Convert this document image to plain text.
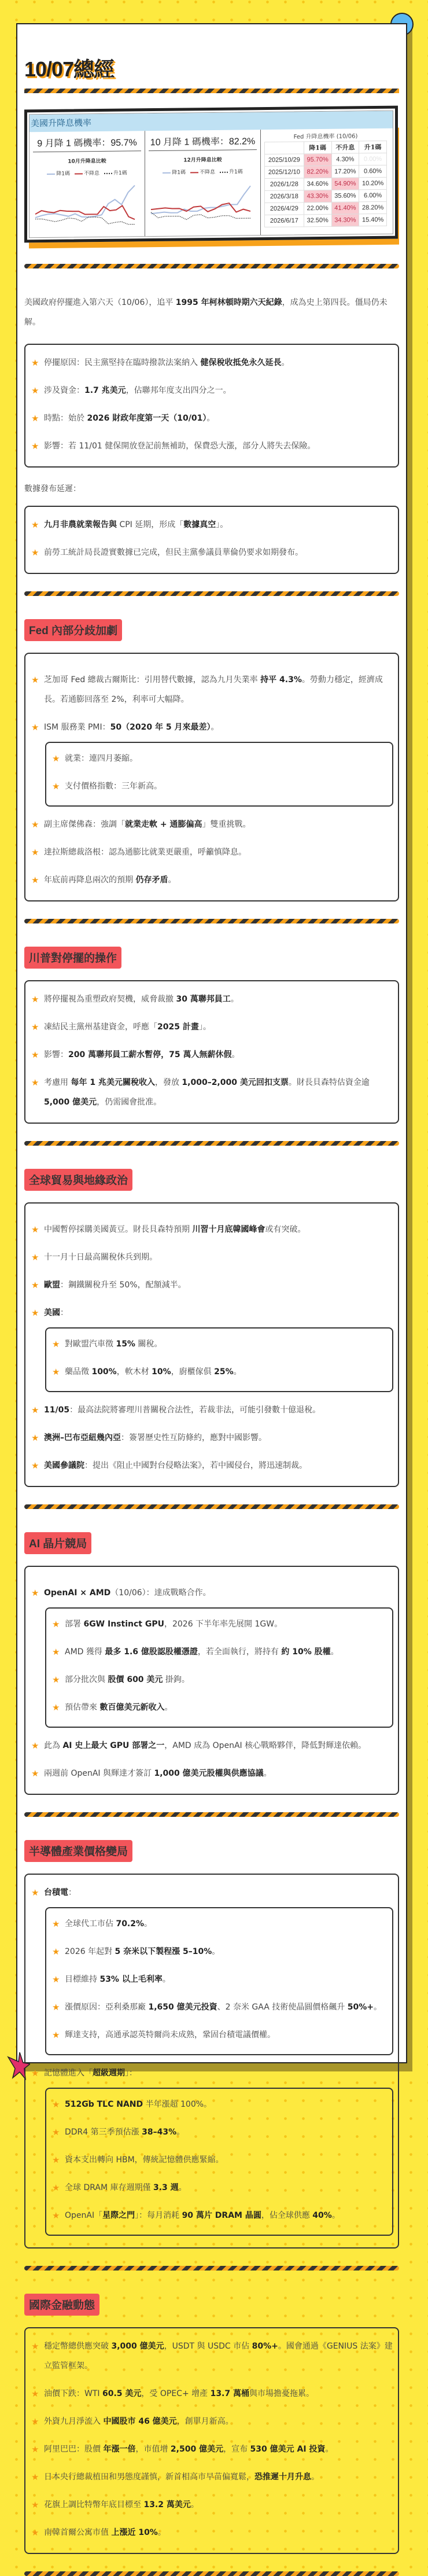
10/07總經
美國升降息機率
9 月降 1 碼機率：95.7%
10月升降息比較
降1碼	不降息	升1碼
10 月降 1 碼機率：82.2%
12月升降息比較
降1碼	不降息	升1碼
Fed 升降息機率 (10/06)
	降1碼	不升息	升1碼
2025/10/29	95.70%	4.30%	0.00%
2025/12/10	82.20%	17.20%	0.60%
2026/1/28	34.60%	54.90%	10.20%
2026/3/18	43.30%	35.60%	6.00%
2026/4/29	22.00%	41.40%	28.20%
2026/6/17	32.50%	34.30%	15.40%

美國政府停擺進入第六天（10/06），追平 1995 年柯林頓時期六天紀錄，成為史上第四長。僵局仍未解。

★ 停擺原因：民主黨堅持在臨時撥款法案納入 健保稅收抵免永久延長。
★ 涉及資金：1.7 兆美元，佔聯邦年度支出四分之一。
★ 時點：始於 2026 財政年度第一天（10/01）。
★ 影響：若 11/01 健保開放登記前無補助，保費恐大漲，部分人將失去保險。

數據發布延遲：

★ 九月非農就業報告與 CPI 延期，形成「數據真空」。
★ 前勞工統計局長證實數據已完成，但民主黨參議員華倫仍要求如期發布。
Fed 內部分歧加劇
★ 芝加哥 Fed 總裁古爾斯比：引用替代數據，認為九月失業率 持平 4.3%。勞動力穩定，經濟成長。若通膨回落至 2%，利率可大幅降。
★ ISM 服務業 PMI：50（2020 年 5 月來最差）。
★ 就業：連四月萎縮。
★ 支付價格指數：三年新高。
★ 副主席傑佛森：強調「就業走軟 + 通膨偏高」雙重挑戰。
★ 達拉斯總裁洛根：認為通膨比就業更嚴重，呼籲慎降息。
★ 年底前再降息兩次的預期 仍存矛盾。
川普對停擺的操作
★ 將停擺視為重塑政府契機，威脅裁撤 30 萬聯邦員工。
★ 凍結民主黨州基建資金，呼應「2025 計畫」。
★ 影響：200 萬聯邦員工薪水暫停，75 萬人無薪休假。
★ 考慮用 每年 1 兆美元關稅收入，發放 1,000–2,000 美元回扣支票。財長貝森特估資金逾 5,000 億美元，仍需國會批准。
全球貿易與地緣政治
★ 中國暫停採購美國黃豆。財長貝森特預期 川習十月底韓國峰會或有突破。
★ 十一月十日最高關稅休兵到期。
★ 歐盟：鋼鐵關稅升至 50%，配額減半。
★ 美國：
★ 對歐盟汽車徵 15% 關稅。
★ 藥品徵 100%，軟木材 10%，廚櫃傢俱 25%。
★ 11/05：最高法院將審理川普關稅合法性，若裁非法，可能引發數十億退稅。
★ 澳洲–巴布亞紐幾內亞：簽署歷史性互防條約，應對中國影響。
★ 美國參議院：提出《阻止中國對台侵略法案》，若中國侵台，將迅速制裁。
AI 晶片競局
★ OpenAI × AMD（10/06）：達成戰略合作。
★ 部署 6GW Instinct GPU，2026 下半年率先展開 1GW。
★ AMD 獲得 最多 1.6 億股認股權憑證，若全面執行，將持有 約 10% 股權。
★ 部分批次與 股價 600 美元 掛鉤。
★ 預估帶來 數百億美元新收入。
★ 此為 AI 史上最大 GPU 部署之一，AMD 成為 OpenAI 核心戰略夥伴，降低對輝達依賴。
★ 兩週前 OpenAI 與輝達才簽訂 1,000 億美元股權與供應協議。
半導體產業價格變局
★ 台積電：
★ 全球代工市佔 70.2%。
★ 2026 年起對 5 奈米以下製程漲 5–10%。
★ 目標維持 53% 以上毛利率。
★ 漲價原因：亞利桑那廠 1,650 億美元投資、2 奈米 GAA 技術使晶圓價格飆升 50%+。
★ 輝達支持，高通承認英特爾尚未成熟，鞏固台積電議價權。
★ 記憶體進入「超級週期」：
★ 512Gb TLC NAND 半年漲超 100%。
★ DDR4 第三季預估漲 38–43%。
★ 資本支出轉向 HBM，傳統記憶體供應緊縮。
★ 全球 DRAM 庫存週期僅 3.3 週。
★ OpenAI「星際之門」：每月消耗 90 萬片 DRAM 晶圓，佔全球供應 40%。
國際金融動態
★ 穩定幣總供應突破 3,000 億美元，USDT 與 USDC 市佔 80%+。國會通過《GENIUS 法案》建立監管框架。
★ 油價下跌：WTI 60.5 美元，受 OPEC+ 增產 13.7 萬桶與市場擔憂拖累。
★ 外資九月淨流入 中國股市 46 億美元，創單月新高。
★ 阿里巴巴：股價 年漲一倍，市值增 2,500 億美元，宣布 530 億美元 AI 投資。
★ 日本央行總裁植田和男態度謹慎，新首相高市早苗偏寬鬆，恐推遲十月升息。
★ 花旗上調比特幣年底目標至 13.2 萬美元。
★ 南韓首爾公寓市值 上漲近 10%。
